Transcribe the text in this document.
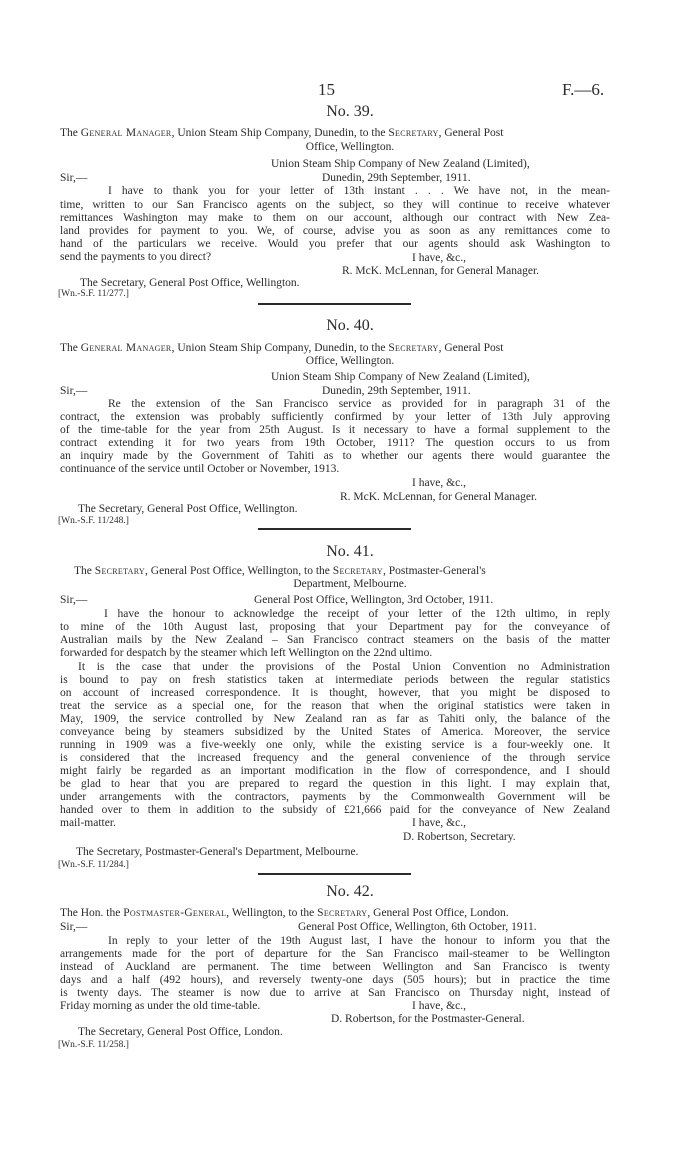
15	F.—6.
No. 39.
The General Manager, Union Steam Ship Company, Dunedin, to the Secretary, General Post
Office, Wellington.
Union Steam Ship Company of New Zealand (Limited),
Sir,—	Dunedin, 29th September, 1911.
I have to thank you for your letter of 13th instant . . . We have not, in the mean-
time, written to our San Francisco agents on the subject, so they will continue to receive whatever
remittances Washington may make to them on our account, although our contract with New Zea-
land provides for payment to you. We, of course, advise you as soon as any remittances come to
hand of the particulars we receive. Would you prefer that our agents should ask Washington to
send the payments to you direct?	I have, &c.,
R. McK. McLennan, for General Manager.
The Secretary, General Post Office, Wellington.
[Wn.-S.F. 11/277.]
No. 40.
The General Manager, Union Steam Ship Company, Dunedin, to the Secretary, General Post
Office, Wellington.
Union Steam Ship Company of New Zealand (Limited),
Sir,—	Dunedin, 29th September, 1911.
Re the extension of the San Francisco service as provided for in paragraph 31 of the
contract, the extension was probably sufficiently confirmed by your letter of 13th July approving
of the time-table for the year from 25th August. Is it necessary to have a formal supplement to the
contract extending it for two years from 19th October, 1911? The question occurs to us from
an inquiry made by the Government of Tahiti as to whether our agents there would guarantee the
continuance of the service until October or November, 1913.
I have, &c.,
R. McK. McLennan, for General Manager.
The Secretary, General Post Office, Wellington.
[Wn.-S.F. 11/248.]
No. 41.
The Secretary, General Post Office, Wellington, to the Secretary, Postmaster-General's
Department, Melbourne.
Sir,—	General Post Office, Wellington, 3rd October, 1911.
I have the honour to acknowledge the receipt of your letter of the 12th ultimo, in reply
to mine of the 10th August last, proposing that your Department pay for the conveyance of
Australian mails by the New Zealand – San Francisco contract steamers on the basis of the matter
forwarded for despatch by the steamer which left Wellington on the 22nd ultimo.
It is the case that under the provisions of the Postal Union Convention no Administration
is bound to pay on fresh statistics taken at intermediate periods between the regular statistics
on account of increased correspondence. It is thought, however, that you might be disposed to
treat the service as a special one, for the reason that when the original statistics were taken in
May, 1909, the service controlled by New Zealand ran as far as Tahiti only, the balance of the
conveyance being by steamers subsidized by the United States of America. Moreover, the service
running in 1909 was a five-weekly one only, while the existing service is a four-weekly one. It
is considered that the increased frequency and the general convenience of the through service
might fairly be regarded as an important modification in the flow of correspondence, and I should
be glad to hear that you are prepared to regard the question in this light. I may explain that,
under arrangements with the contractors, payments by the Commonwealth Government will be
handed over to them in addition to the subsidy of £21,666 paid for the conveyance of New Zealand
mail-matter.	I have, &c.,
D. Robertson, Secretary.
The Secretary, Postmaster-General's Department, Melbourne.
[Wn.-S.F. 11/284.]
No. 42.
The Hon. the Postmaster-General, Wellington, to the Secretary, General Post Office, London.
Sir,—	General Post Office, Wellington, 6th October, 1911.
In reply to your letter of the 19th August last, I have the honour to inform you that the
arrangements made for the port of departure for the San Francisco mail-steamer to be Wellington
instead of Auckland are permanent. The time between Wellington and San Francisco is twenty
days and a half (492 hours), and reversely twenty-one days (505 hours); but in practice the time
is twenty days. The steamer is now due to arrive at San Francisco on Thursday night, instead of
Friday morning as under the old time-table.	I have, &c.,
D. Robertson, for the Postmaster-General.
The Secretary, General Post Office, London.
[Wn.-S.F. 11/258.]
